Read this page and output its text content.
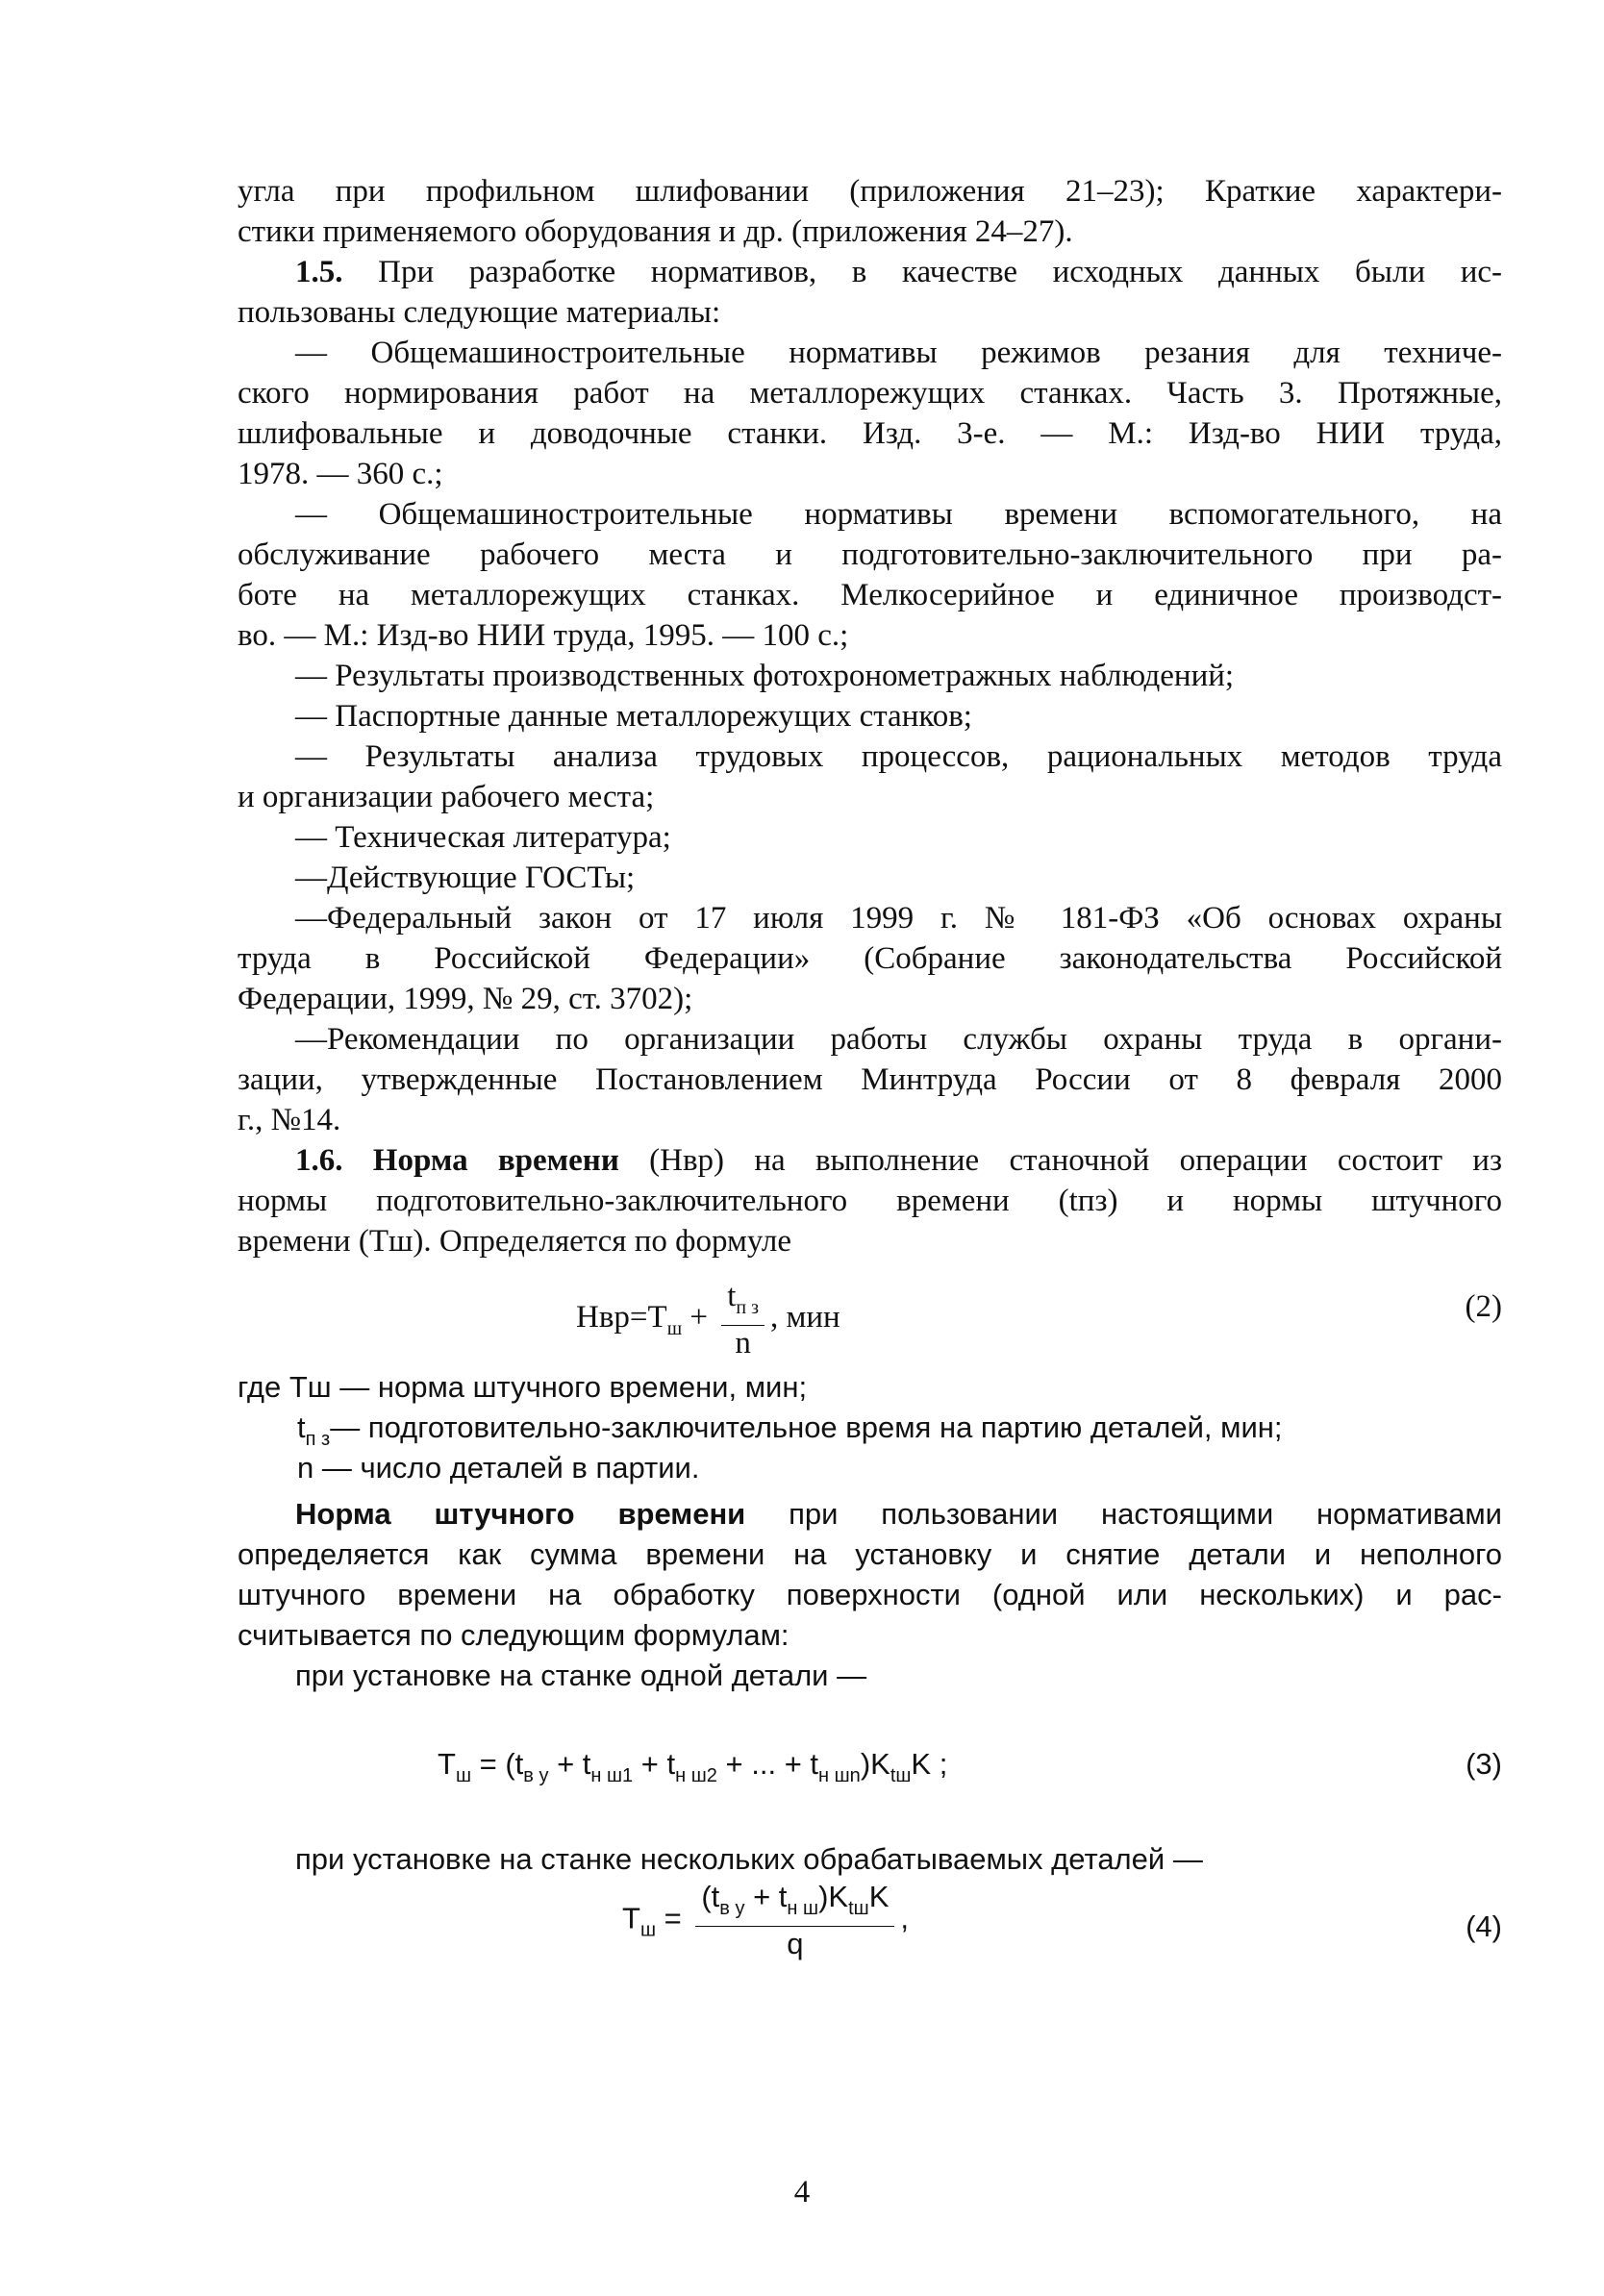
угла при профильном шлифовании (приложения 21–23); Краткие характери-
стики применяемого оборудования и др. (приложения 24–27).
1.5. При разработке нормативов, в качестве исходных данных были ис-
пользованы следующие материалы:
— Общемашиностроительные нормативы режимов резания для техниче-
ского нормирования работ на металлорежущих станках. Часть 3. Протяжные,
шлифовальные и доводочные станки. Изд. 3-е. — М.: Изд-во НИИ труда,
1978. — 360 с.;
— Общемашиностроительные нормативы времени вспомогательного, на
обслуживание рабочего места и подготовительно-заключительного при ра-
боте на металлорежущих станках. Мелкосерийное и единичное производст-
во. — М.: Изд-во НИИ труда, 1995. — 100 с.;
— Результаты производственных фотохронометражных наблюдений;
— Паспортные данные металлорежущих станков;
— Результаты анализа трудовых процессов, рациональных методов труда
и организации рабочего места;
— Техническая литература;
—Действующие ГОСТы;
—Федеральный закон от 17 июля 1999 г. № 181-ФЗ «Об основах охраны
труда в Российской Федерации» (Собрание законодательства Российской
Федерации, 1999, № 29, ст. 3702);
—Рекомендации по организации работы службы охраны труда в органи-
зации, утвержденные Постановлением Минтруда России от 8 февраля 2000
г., №14.
1.6. Норма времени (Нвр) на выполнение станочной операции состоит из
нормы подготовительно-заключительного времени (tпз) и нормы штучного
времени (Тш). Определяется по формуле
$Нвр=Т_ш + \frac{t_{п з}}{n}$ , мин	(2)
где Тш — норма штучного времени, мин;
$t_{п з}—$ подготовительно-заключительное время на партию деталей, мин;
n — число деталей в партии.
Норма штучного времени при пользовании настоящими нормативами
определяется как сумма времени на установку и снятие детали и неполного
штучного времени на обработку поверхности (одной или нескольких) и рас-
считывается по следующим формулам:
при установке на станке одной детали —
$Т_ш = (t_{в у} + t_{н ш1} + t_{н ш2}$ + ... + $t_{н шn})K_{tш}K$ ;	(3)
при установке на станке нескольких обрабатываемых деталей —
$Т_ш = \frac{(t_{в у} + t_{н ш})K_{tш}K}{q}$ ,	(4)
4
